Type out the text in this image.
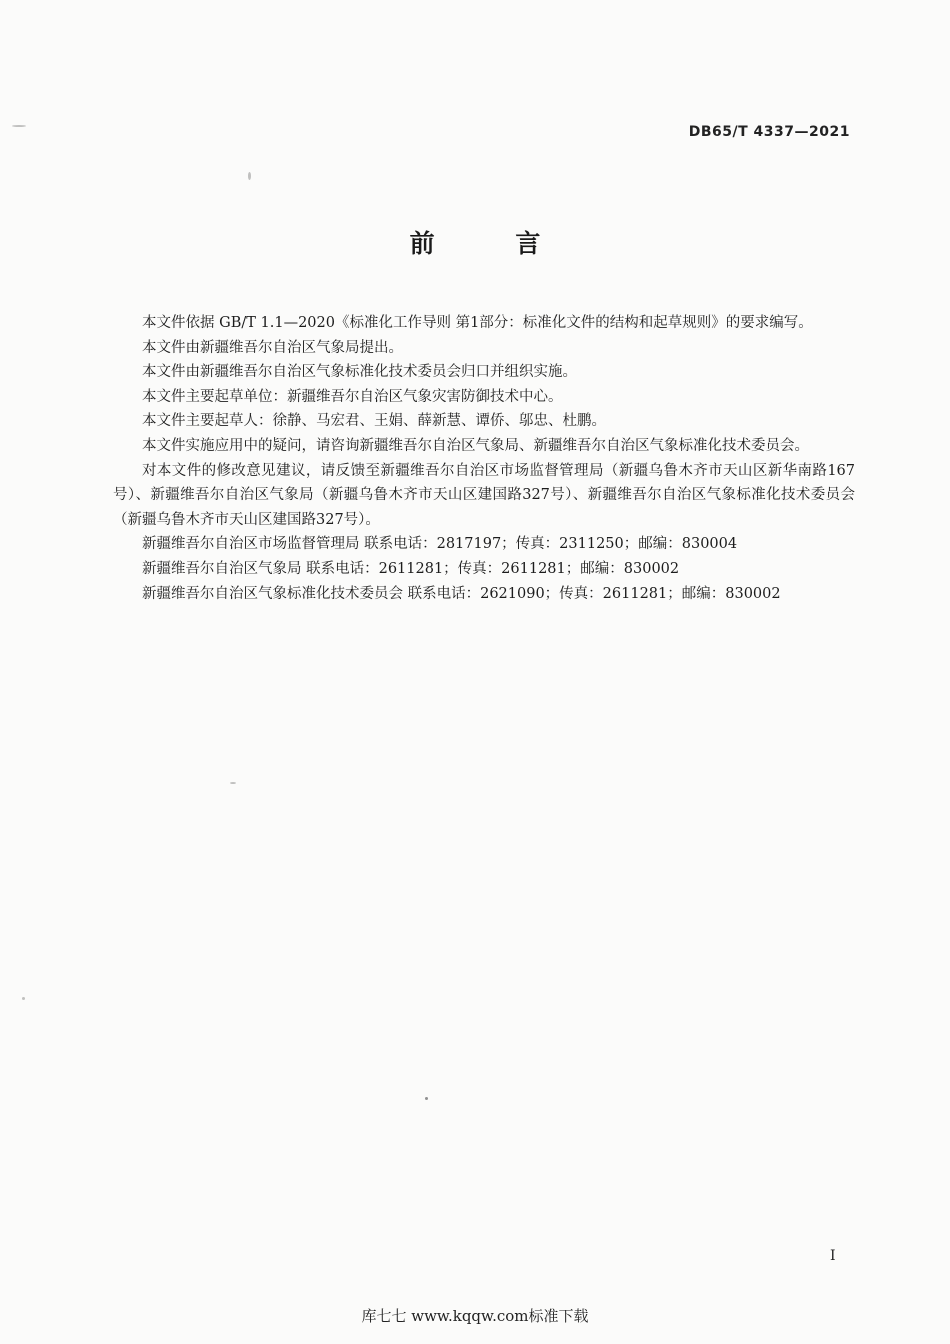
DB65/T 4337—2021
前 言

本文件依据 GB/T 1.1—2020《标准化工作导则 第1部分：标准化文件的结构和起草规则》的要求编写。

本文件由新疆维吾尔自治区气象局提出。

本文件由新疆维吾尔自治区气象标准化技术委员会归口并组织实施。

本文件主要起草单位：新疆维吾尔自治区气象灾害防御技术中心。

本文件主要起草人：徐静、马宏君、王娟、薛新慧、谭侨、邬忠、杜鹏。

本文件实施应用中的疑问，请咨询新疆维吾尔自治区气象局、新疆维吾尔自治区气象标准化技术委员会。

对本文件的修改意见建议，请反馈至新疆维吾尔自治区市场监督管理局（新疆乌鲁木齐市天山区新华南路167号）、新疆维吾尔自治区气象局（新疆乌鲁木齐市天山区建国路327号）、新疆维吾尔自治区气象标准化技术委员会（新疆乌鲁木齐市天山区建国路327号）。

新疆维吾尔自治区市场监督管理局 联系电话：2817197；传真：2311250；邮编：830004

新疆维吾尔自治区气象局 联系电话：2611281；传真：2611281；邮编：830002

新疆维吾尔自治区气象标准化技术委员会 联系电话：2621090；传真：2611281；邮编：830002

I
库七七 www.kqqw.com标准下载
